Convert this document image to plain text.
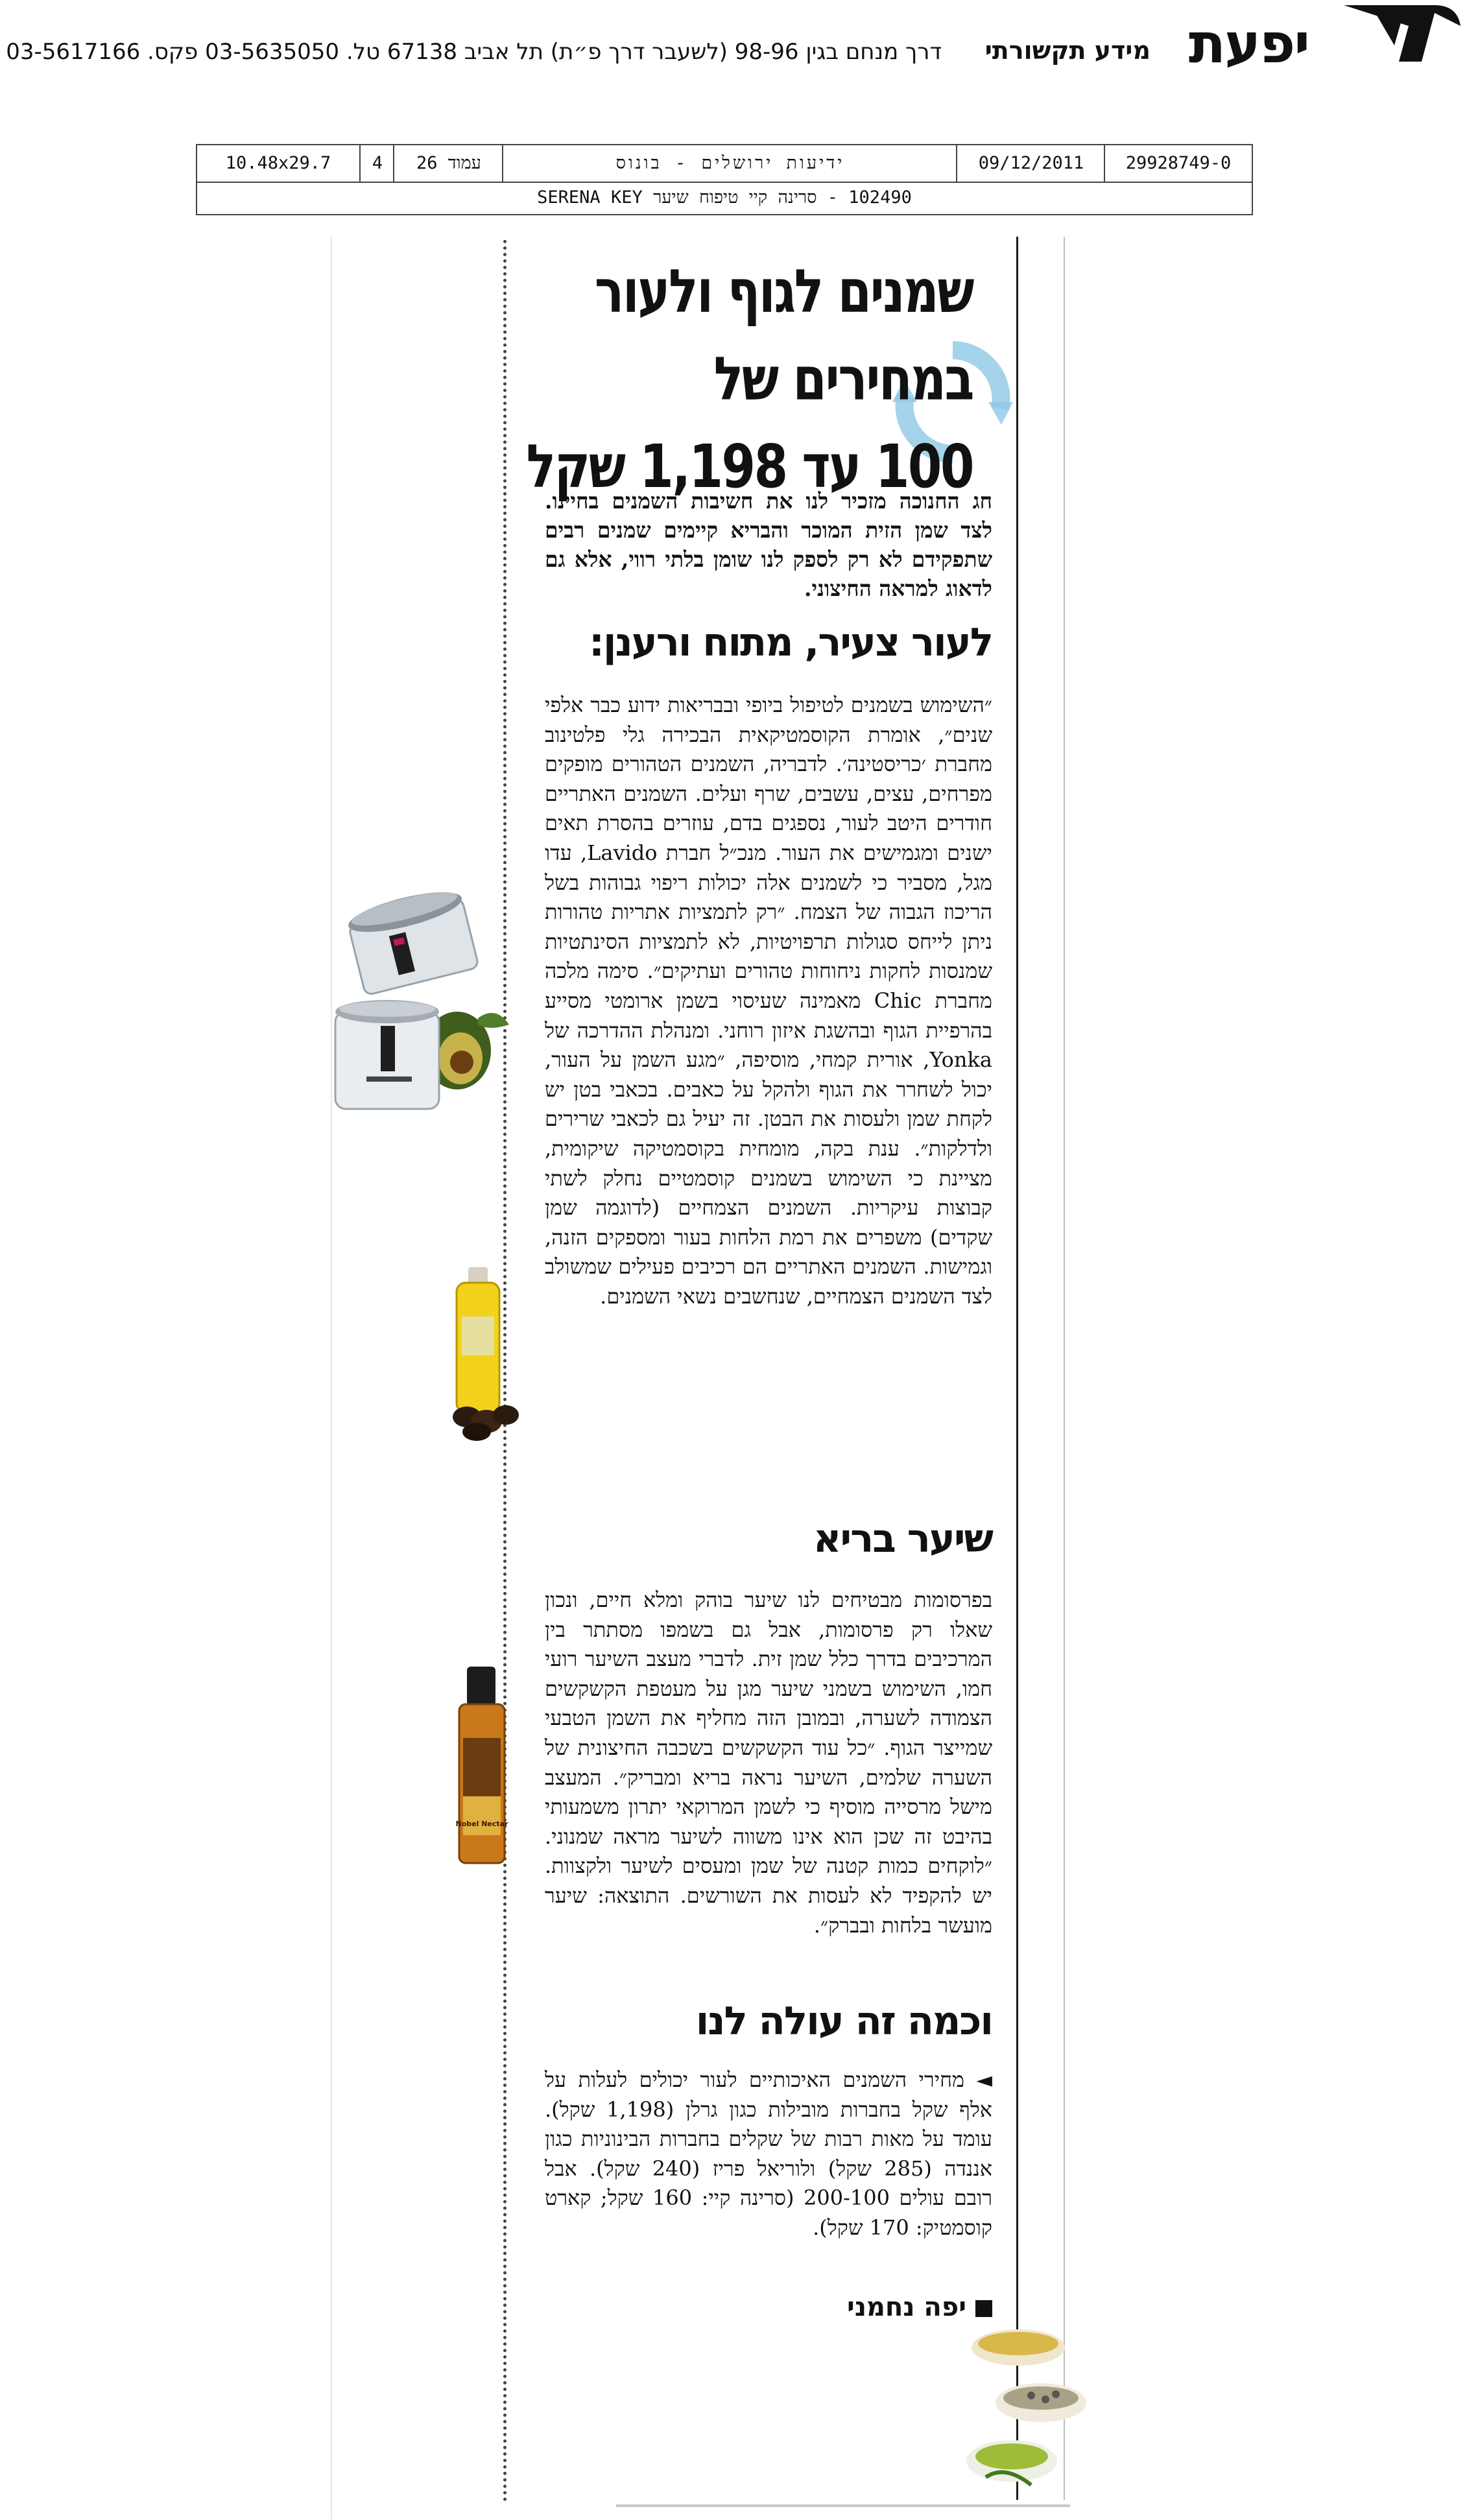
יפעת
מידע תקשורתי
דרך מנחם בגין 98-96 (לשעבר דרך פ״ת) תל אביב 67138 טל. 03-5635050 פקס. 03-5617166
10.48x29.7	4	עמוד 26	ידיעות ירושלים - בונוס	09/12/2011	29928749-0
102490 - סרינה קיי טיפוח שיער SERENA KEY
Nobel Nectar
שמנים לגוף ולעור
במחירים של
100 עד 1,198 שקל
חג החנוכה מזכיר לנו את חשיבות השמנים בחיינו. לצד שמן הזית המוכר והבריא קיימים שמנים רבים שתפקידם לא רק לספק לנו שומן בלתי רווי, אלא גם לדאוג למראה החיצוני.
לעור צעיר, מתוח ורענן:
״השימוש בשמנים לטיפול ביופי ובבריאות ידוע כבר אלפי שנים״, אומרת הקוסמטיקאית הבכירה גלי פלטינוב מחברת ׳כריסטינה׳. לדבריה, השמנים הטהורים מופקים מפרחים, עצים, עשבים, שרף ועלים. השמנים האתריים חודרים היטב לעור, נספגים בדם, עוזרים בהסרת תאים ישנים ומגמישים את העור. מנכ״ל חברת Lavido, עדו מגל, מסביר כי לשמנים אלה יכולות ריפוי גבוהות בשל הריכוז הגבוה של הצמח. ״רק לתמציות אתריות טהורות ניתן לייחס סגולות תרפויטיות, לא לתמציות הסינתטיות שמנסות לחקות ניחוחות טהורים ועתיקים״. סימה מלכה מחברת Chic מאמינה שעיסוי בשמן ארומטי מסייע בהרפיית הגוף ובהשגת איזון רוחני. ומנהלת ההדרכה של Yonka, אורית קמחי, מוסיפה, ״מגע השמן על העור, יכול לשחרר את הגוף ולהקל על כאבים. בכאבי בטן יש לקחת שמן ולעסות את הבטן. זה יעיל גם לכאבי שרירים ולדלקות״. ענת בקה, מומחית בקוסמטיקה שיקומית, מציינת כי השימוש בשמנים קוסמטיים נחלק לשתי קבוצות עיקריות. השמנים הצמחיים (לדוגמה שמן שקדים) משפרים את רמת הלחות בעור ומספקים הזנה, וגמישות. השמנים האתריים הם רכיבים פעילים שמשולב לצד השמנים הצמחיים, שנחשבים נשאי השמנים.
שיער בריא
בפרסומות מבטיחים לנו שיער בוהק ומלא חיים, ונכון שאלו רק פרסומות, אבל גם בשמפו מסתתר בין המרכיבים בדרך כלל שמן זית. לדברי מעצב השיער רועי חמו, השימוש בשמני שיער מגן על מעטפת הקשקשים הצמודה לשערה, ובמובן הזה מחליף את השמן הטבעי שמייצר הגוף. ״כל עוד הקשקשים בשכבה החיצונית של השערה שלמים, השיער נראה בריא ומבריק״. המעצב מישל מרסייה מוסיף כי לשמן המרוקאי יתרון משמעותי בהיבט זה שכן הוא אינו משווה לשיער מראה שמנוני. ״לוקחים כמות קטנה של שמן ומעסים לשיער ולקצוות. יש להקפיד לא לעסות את השורשים. התוצאה: שיער מועשר בלחות ובברק״.
וכמה זה עולה לנו
◄ מחירי השמנים האיכותיים לעור יכולים לעלות על אלף שקל בחברות מובילות כגון גרלן (1,198 שקל). עומד על מאות רבות של שקלים בחברות הבינוניות כגון אננדה (285 שקל) ולוריאל פריז (240 שקל). אבל רובם עולים 200-100 (סרינה קיי: 160 שקל; קארט קוסמטיק: 170 שקל).
יפה נחמני
